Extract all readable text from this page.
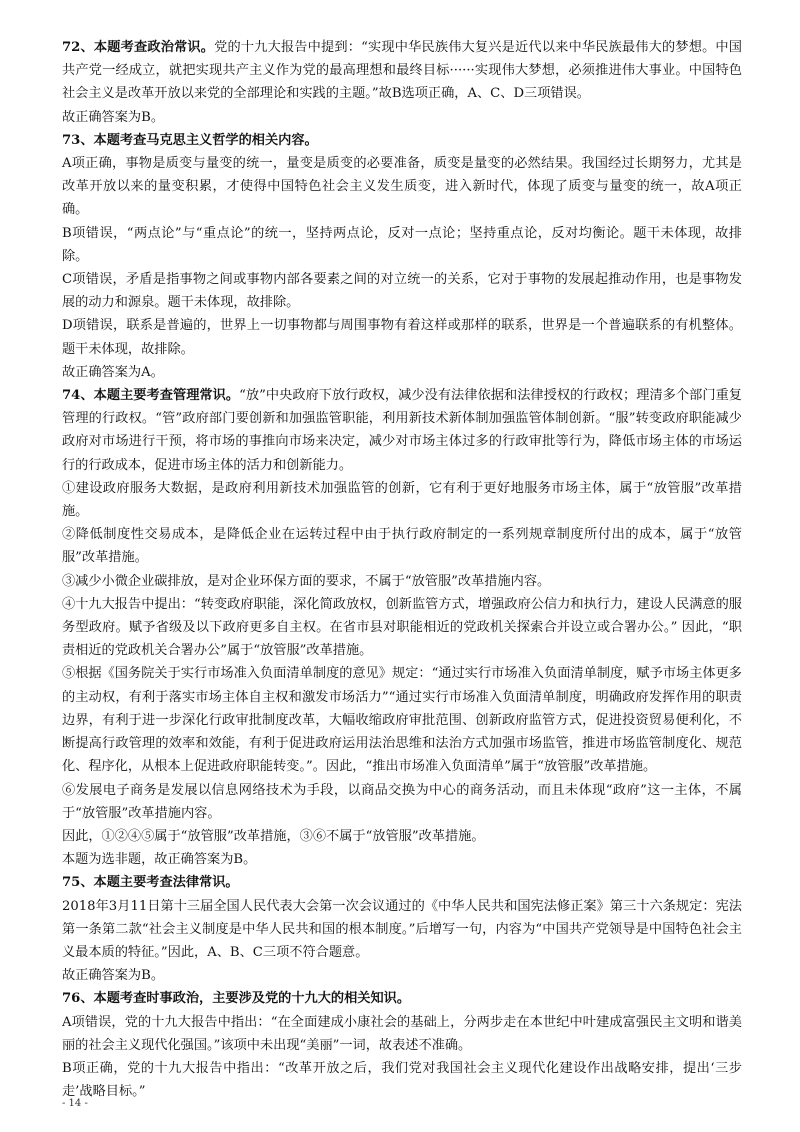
72、本题考查政治常识。党的十九大报告中提到：“实现中华民族伟大复兴是近代以来中华民族最伟大的梦想。中国共产党一经成立，就把实现共产主义作为党的最高理想和最终目标······实现伟大梦想，必须推进伟大事业。中国特色社会主义是改革开放以来党的全部理论和实践的主题。”故B选项正确，A、C、D三项错误。

故正确答案为B。

73、本题考查马克思主义哲学的相关内容。

A项正确，事物是质变与量变的统一，量变是质变的必要准备，质变是量变的必然结果。我国经过长期努力，尤其是改革开放以来的量变积累，才使得中国特色社会主义发生质变，进入新时代，体现了质变与量变的统一，故A项正确。

B项错误，“两点论”与“重点论”的统一，坚持两点论，反对一点论；坚持重点论，反对均衡论。题干未体现，故排除。

C项错误，矛盾是指事物之间或事物内部各要素之间的对立统一的关系，它对于事物的发展起推动作用，也是事物发展的动力和源泉。题干未体现，故排除。

D项错误，联系是普遍的，世界上一切事物都与周围事物有着这样或那样的联系，世界是一个普遍联系的有机整体。题干未体现，故排除。

故正确答案为A。

74、本题主要考查管理常识。“放”中央政府下放行政权，减少没有法律依据和法律授权的行政权；理清多个部门重复管理的行政权。“管”政府部门要创新和加强监管职能，利用新技术新体制加强监管体制创新。“服”转变政府职能减少政府对市场进行干预，将市场的事推向市场来决定，减少对市场主体过多的行政审批等行为，降低市场主体的市场运行的行政成本，促进市场主体的活力和创新能力。

①建设政府服务大数据，是政府利用新技术加强监管的创新，它有利于更好地服务市场主体，属于“放管服”改革措施。

②降低制度性交易成本，是降低企业在运转过程中由于执行政府制定的一系列规章制度所付出的成本，属于“放管服”改革措施。

③减少小微企业碳排放，是对企业环保方面的要求，不属于“放管服”改革措施内容。

④十九大报告中提出：“转变政府职能，深化简政放权，创新监管方式，增强政府公信力和执行力，建设人民满意的服务型政府。赋予省级及以下政府更多自主权。在省市县对职能相近的党政机关探索合并设立或合署办公。” 因此，“职责相近的党政机关合署办公”属于“放管服”改革措施。

⑤根据《国务院关于实行市场准入负面清单制度的意见》规定：“通过实行市场准入负面清单制度，赋予市场主体更多的主动权，有利于落实市场主体自主权和激发市场活力”“通过实行市场准入负面清单制度，明确政府发挥作用的职责边界，有利于进一步深化行政审批制度改革，大幅收缩政府审批范围、创新政府监管方式，促进投资贸易便利化，不断提高行政管理的效率和效能，有利于促进政府运用法治思维和法治方式加强市场监管，推进市场监管制度化、规范化、程序化，从根本上促进政府职能转变。”。因此，“推出市场准入负面清单”属于“放管服”改革措施。

⑥发展电子商务是发展以信息网络技术为手段，以商品交换为中心的商务活动，而且未体现“政府”这一主体，不属于“放管服”改革措施内容。

因此，①②④⑤属于“放管服”改革措施，③⑥不属于“放管服”改革措施。

本题为选非题，故正确答案为B。

75、本题主要考查法律常识。

2018年3月11日第十三届全国人民代表大会第一次会议通过的《中华人民共和国宪法修正案》第三十六条规定：宪法第一条第二款“社会主义制度是中华人民共和国的根本制度。”后增写一句，内容为“中国共产党领导是中国特色社会主义最本质的特征。”因此，A、B、C三项不符合题意。

故正确答案为B。

76、本题考查时事政治，主要涉及党的十九大的相关知识。

A项错误，党的十九大报告中指出：“在全面建成小康社会的基础上，分两步走在本世纪中叶建成富强民主文明和谐美丽的社会主义现代化强国。”该项中未出现“美丽”一词，故表述不准确。

B项正确，党的十九大报告中指出：“改革开放之后，我们党对我国社会主义现代化建设作出战略安排，提出‘三步走’战略目标。”

- 14 -
